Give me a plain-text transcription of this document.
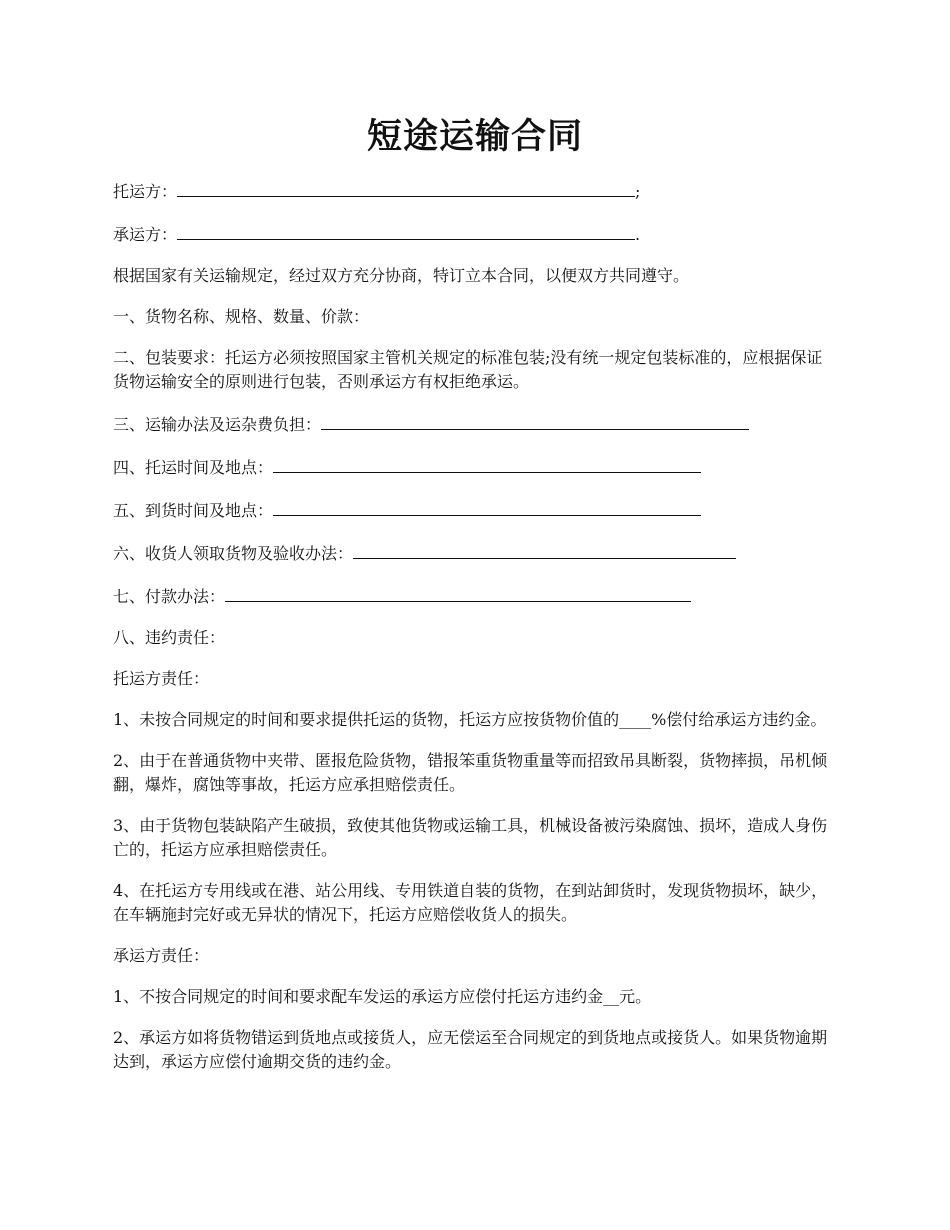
短途运输合同

托运方：	;

承运方：	.

根据国家有关运输规定，经过双方充分协商，特订立本合同，以便双方共同遵守。

一、货物名称、规格、数量、价款：

二、包装要求：托运方必须按照国家主管机关规定的标准包装;没有统一规定包装标准的，应根据保证货物运输安全的原则进行包装，否则承运方有权拒绝承运。

三、运输办法及运杂费负担：

四、托运时间及地点：

五、到货时间及地点：

六、收货人领取货物及验收办法：

七、付款办法：

八、违约责任：

托运方责任：

1、未按合同规定的时间和要求提供托运的货物，托运方应按货物价值的____%偿付给承运方违约金。

2、由于在普通货物中夹带、匿报危险货物，错报笨重货物重量等而招致吊具断裂，货物摔损，吊机倾翻，爆炸，腐蚀等事故，托运方应承担赔偿责任。

3、由于货物包装缺陷产生破损，致使其他货物或运输工具，机械设备被污染腐蚀、损坏，造成人身伤亡的，托运方应承担赔偿责任。

4、在托运方专用线或在港、站公用线、专用铁道自装的货物，在到站卸货时，发现货物损坏，缺少，在车辆施封完好或无异状的情况下，托运方应赔偿收货人的损失。

承运方责任：

1、不按合同规定的时间和要求配车发运的承运方应偿付托运方违约金__元。

2、承运方如将货物错运到货地点或接货人，应无偿运至合同规定的到货地点或接货人。如果货物逾期达到，承运方应偿付逾期交货的违约金。
